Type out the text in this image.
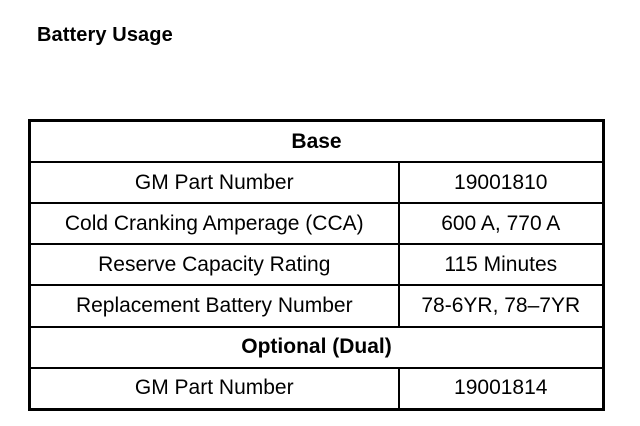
Battery Usage
Base	
GM Part Number	19001810
Cold Cranking Amperage (CCA)	600 A, 770 A
Reserve Capacity Rating	115 Minutes
Replacement Battery Number	78-6YR, 78–7YR
Optional (Dual)	
GM Part Number	19001814
